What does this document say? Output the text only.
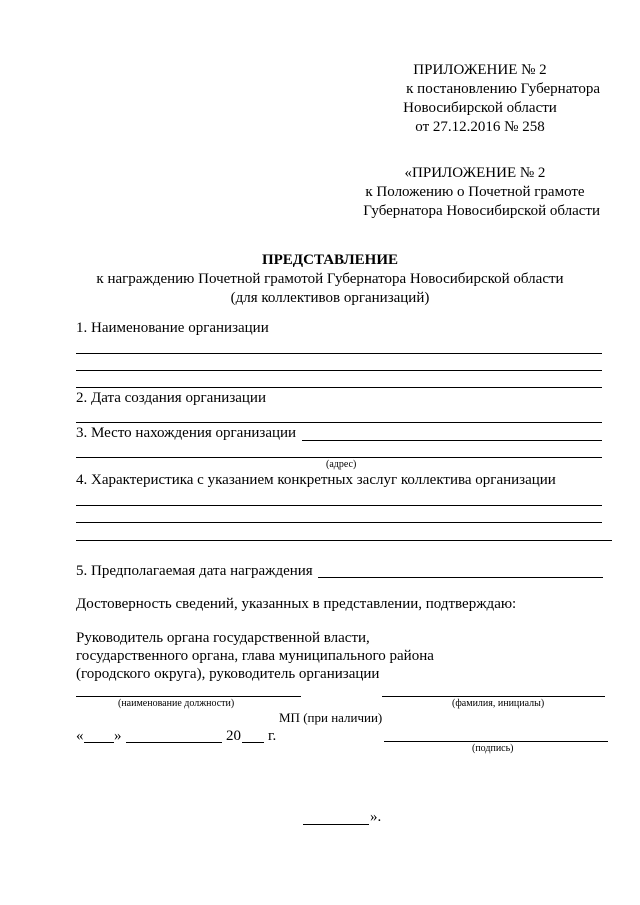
ПРИЛОЖЕНИЕ № 2
к постановлению Губернатора
Новосибирской области
от 27.12.2016 № 258
«ПРИЛОЖЕНИЕ № 2
к Положению о Почетной грамоте
Губернатора Новосибирской области
ПРЕДСТАВЛЕНИЕ
к награждению Почетной грамотой Губернатора Новосибирской области
(для коллективов организаций)
1. Наименование организации
2. Дата создания организации
3. Место нахождения организации
(адрес)
4. Характеристика с указанием конкретных заслуг коллектива организации
5. Предполагаемая дата награждения
Достоверность сведений, указанных в представлении, подтверждаю:
Руководитель органа государственной власти,
государственного органа, глава муниципального района
(городского округа), руководитель организации
(наименование должности)	(фамилия, инициалы)
МП (при наличии)
« »	20 г.
(подпись)
».
